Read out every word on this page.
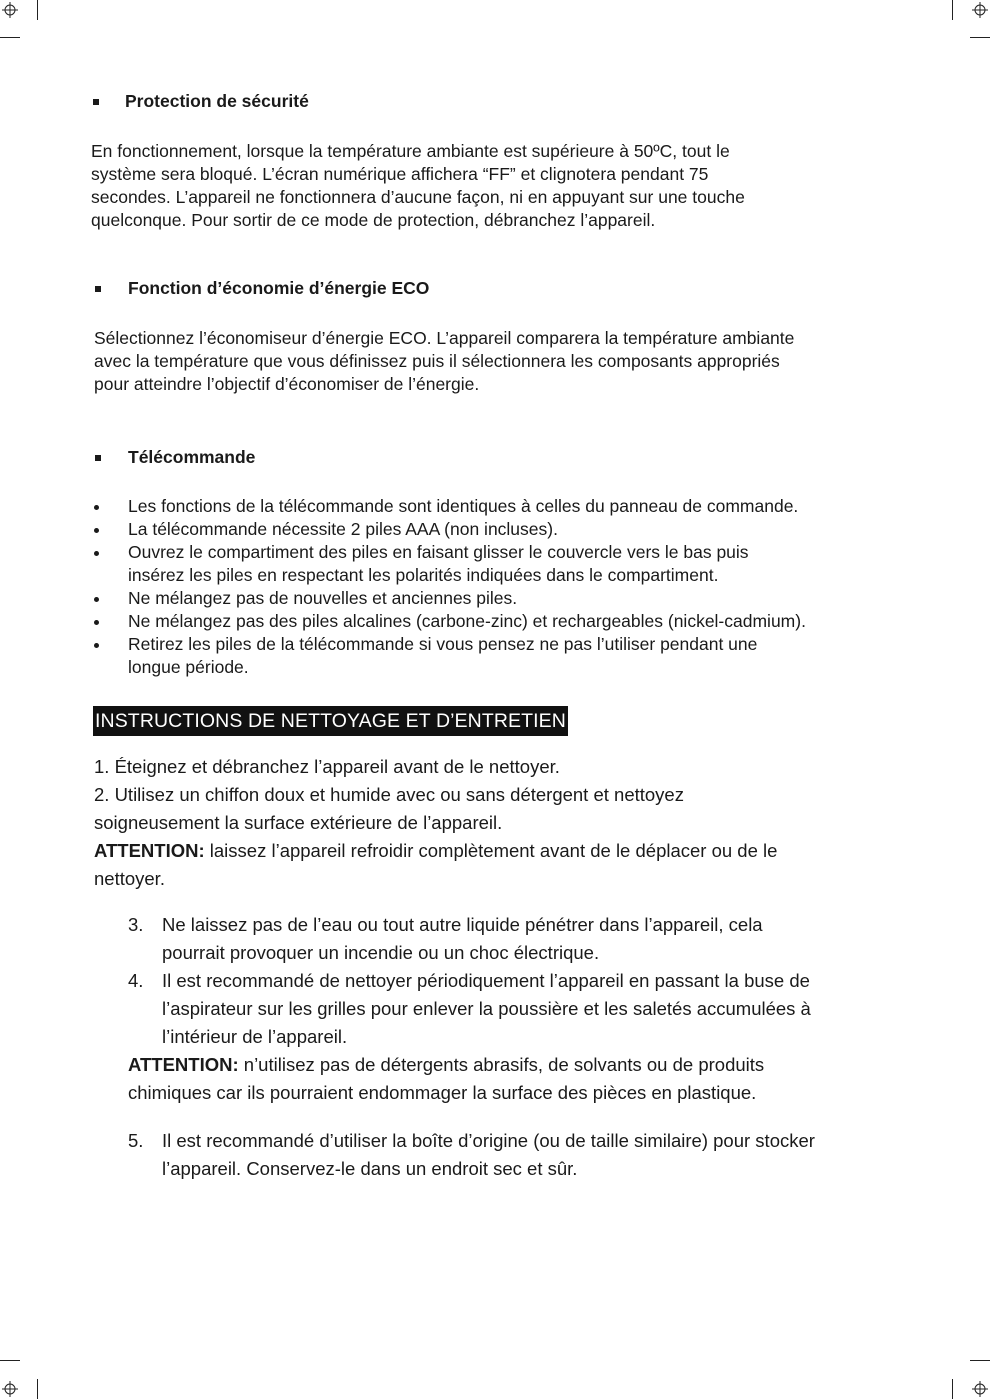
Protection de sécurité

En fonctionnement, lorsque la température ambiante est supérieure à 50ºC, tout le

système sera bloqué. L’écran numérique affichera “FF” et clignotera pendant 75

secondes. L’appareil ne fonctionnera d’aucune façon, ni en appuyant sur une touche

quelconque. Pour sortir de ce mode de protection, débranchez l’appareil.

Fonction d’économie d’énergie ECO

Sélectionnez l’économiseur d’énergie ECO. L’appareil comparera la température ambiante

avec la température que vous définissez puis il sélectionnera les composants appropriés

pour atteindre l’objectif d’économiser de l’énergie.

Télécommande
Les fonctions de la télécommande sont identiques à celles du panneau de commande.
La télécommande nécessite 2 piles AAA (non incluses).
Ouvrez le compartiment des piles en faisant glisser le couvercle vers le bas puis
insérez les piles en respectant les polarités indiquées dans le compartiment.
Ne mélangez pas de nouvelles et anciennes piles.
Ne mélangez pas des piles alcalines (carbone-zinc) et rechargeables (nickel-cadmium).
Retirez les piles de la télécommande si vous pensez ne pas l’utiliser pendant une
longue période.
INSTRUCTIONS DE NETTOYAGE ET D’ENTRETIEN

1. Éteignez et débranchez l’appareil avant de le nettoyer.

2. Utilisez un chiffon doux et humide avec ou sans détergent et nettoyez

soigneusement la surface extérieure de l’appareil.

ATTENTION: laissez l’appareil refroidir complètement avant de le déplacer ou de le

nettoyer.

3. Ne laissez pas de l’eau ou tout autre liquide pénétrer dans l’appareil, cela
pourrait provoquer un incendie ou un choc électrique.
4. Il est recommandé de nettoyer périodiquement l’appareil en passant la buse de
l’aspirateur sur les grilles pour enlever la poussière et les saletés accumulées à
l’intérieur de l’appareil.

ATTENTION: n’utilisez pas de détergents abrasifs, de solvants ou de produits

chimiques car ils pourraient endommager la surface des pièces en plastique.

5. Il est recommandé d’utiliser la boîte d’origine (ou de taille similaire) pour stocker
l’appareil. Conservez-le dans un endroit sec et sûr.
